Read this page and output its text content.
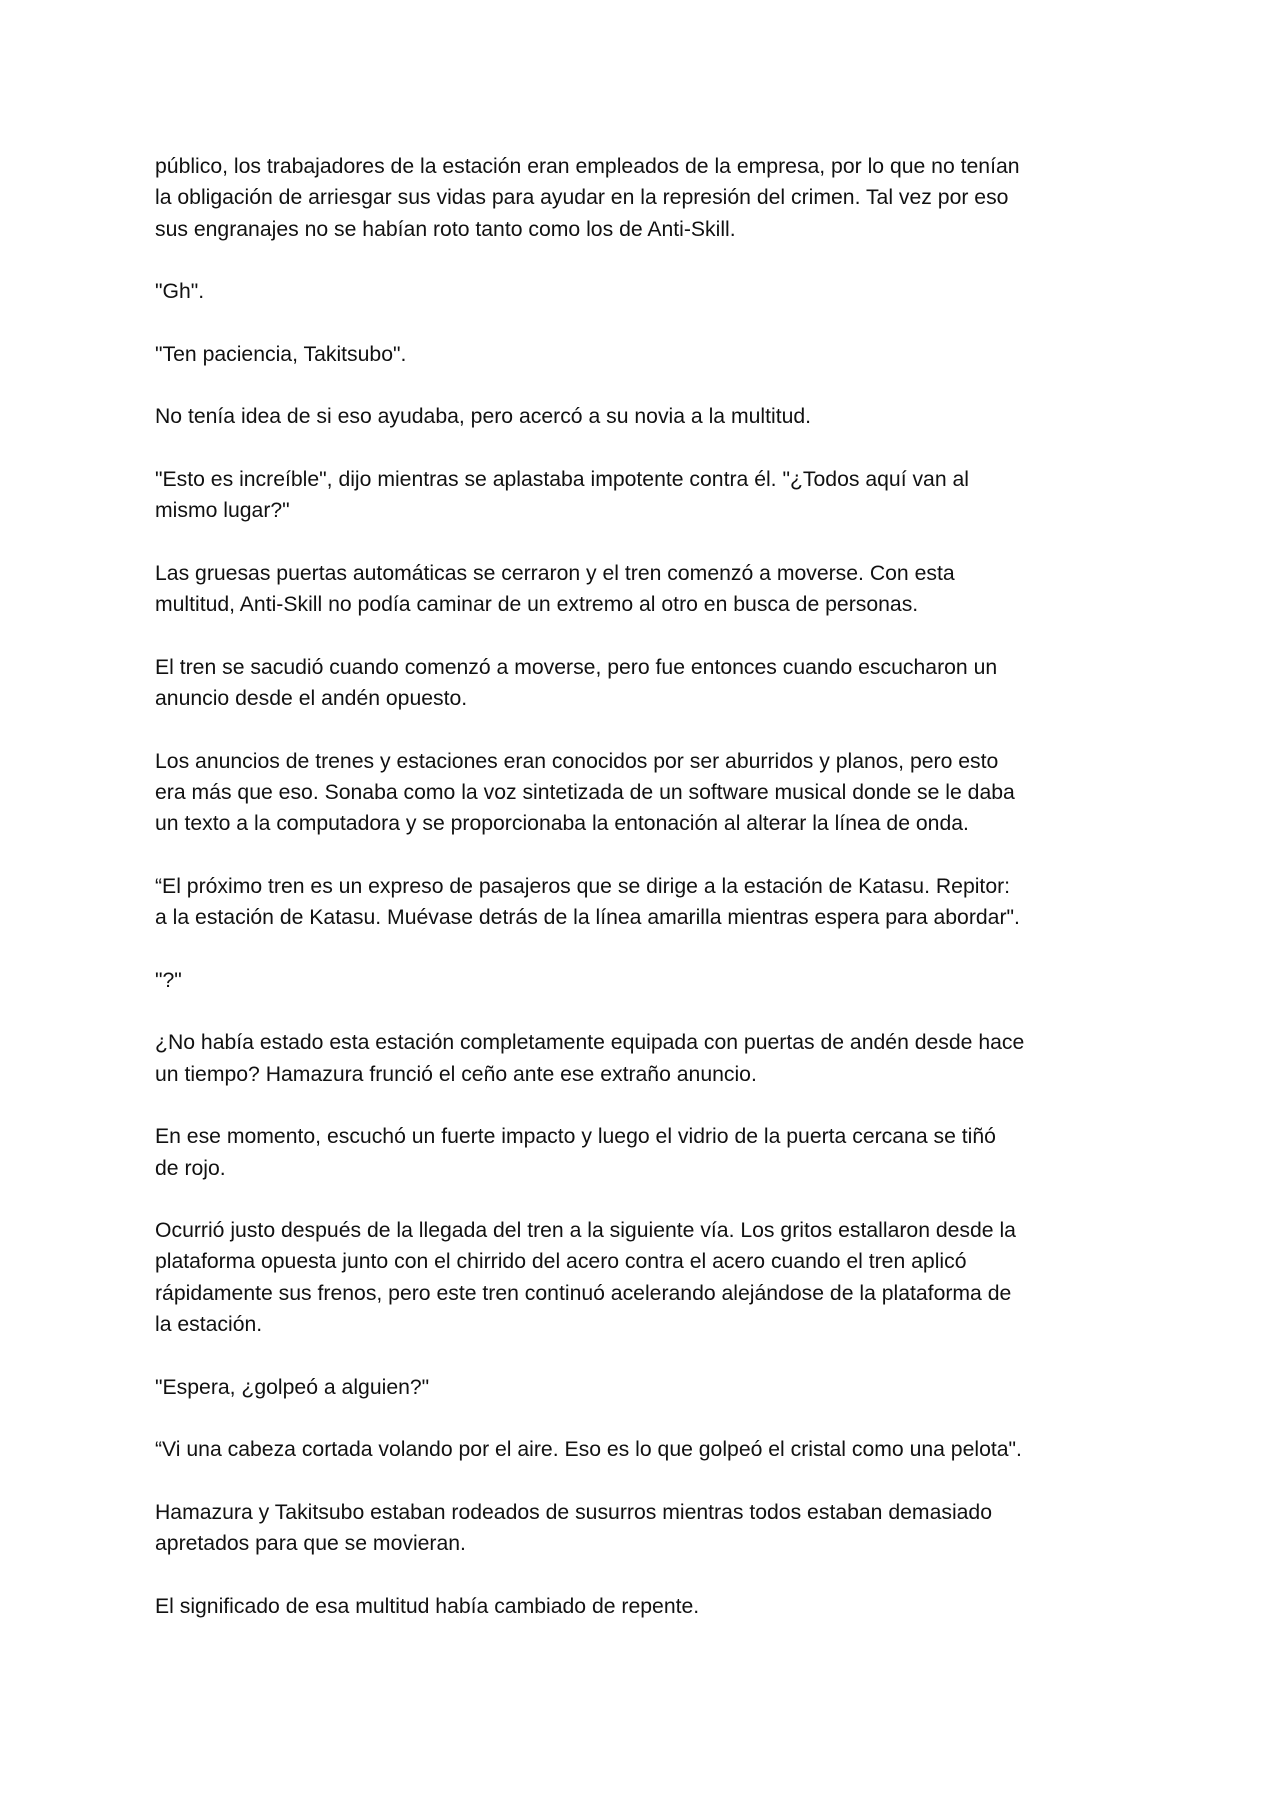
público, los trabajadores de la estación eran empleados de la empresa, por lo que no tenían
la obligación de arriesgar sus vidas para ayudar en la represión del crimen. Tal vez por eso
sus engranajes no se habían roto tanto como los de Anti-Skill.

"Gh".

"Ten paciencia, Takitsubo".

No tenía idea de si eso ayudaba, pero acercó a su novia a la multitud.

"Esto es increíble", dijo mientras se aplastaba impotente contra él. "¿Todos aquí van al
mismo lugar?"

Las gruesas puertas automáticas se cerraron y el tren comenzó a moverse. Con esta
multitud, Anti-Skill no podía caminar de un extremo al otro en busca de personas.

El tren se sacudió cuando comenzó a moverse, pero fue entonces cuando escucharon un
anuncio desde el andén opuesto.

Los anuncios de trenes y estaciones eran conocidos por ser aburridos y planos, pero esto
era más que eso. Sonaba como la voz sintetizada de un software musical donde se le daba
un texto a la computadora y se proporcionaba la entonación al alterar la línea de onda.

“El próximo tren es un expreso de pasajeros que se dirige a la estación de Katasu. Repitor:
a la estación de Katasu. Muévase detrás de la línea amarilla mientras espera para abordar".

"?"

¿No había estado esta estación completamente equipada con puertas de andén desde hace
un tiempo? Hamazura frunció el ceño ante ese extraño anuncio.

En ese momento, escuchó un fuerte impacto y luego el vidrio de la puerta cercana se tiñó
de rojo.

Ocurrió justo después de la llegada del tren a la siguiente vía. Los gritos estallaron desde la
plataforma opuesta junto con el chirrido del acero contra el acero cuando el tren aplicó
rápidamente sus frenos, pero este tren continuó acelerando alejándose de la plataforma de
la estación.

"Espera, ¿golpeó a alguien?"

“Vi una cabeza cortada volando por el aire. Eso es lo que golpeó el cristal como una pelota".

Hamazura y Takitsubo estaban rodeados de susurros mientras todos estaban demasiado
apretados para que se movieran.

El significado de esa multitud había cambiado de repente.
